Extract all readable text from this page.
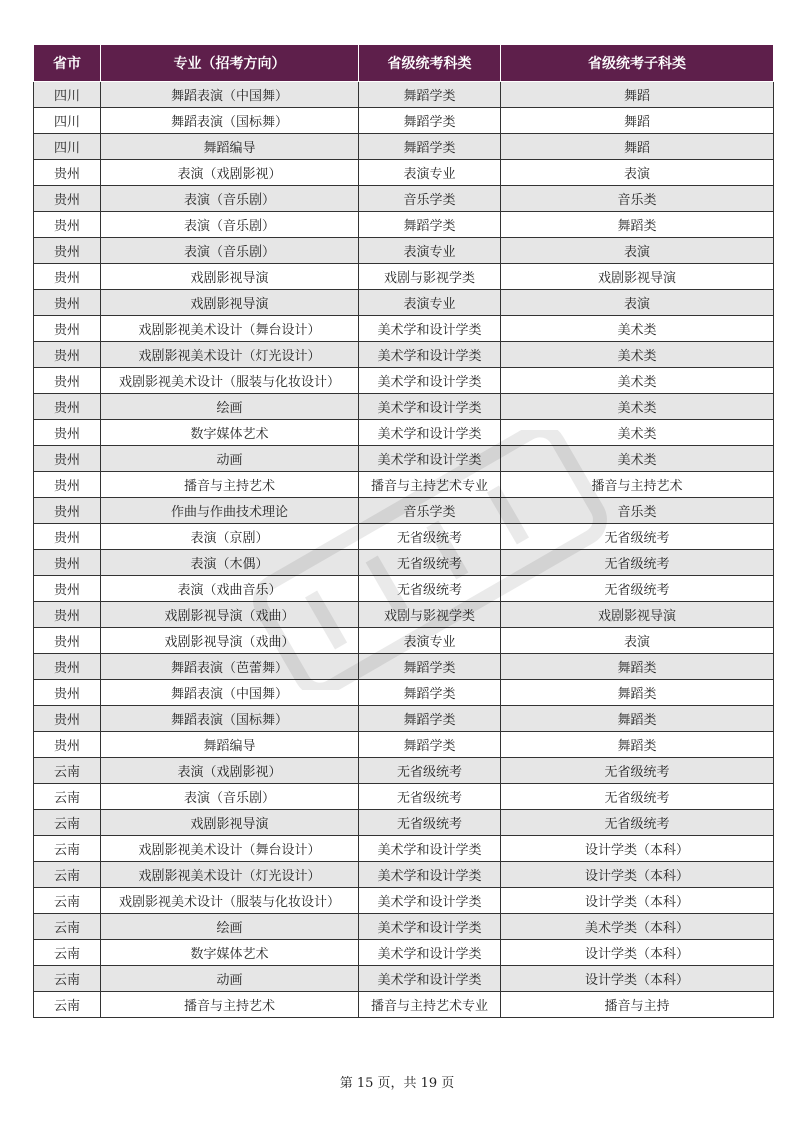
省市	专业（招考方向）	省级统考科类	省级统考子科类
四川	舞蹈表演（中国舞）	舞蹈学类	舞蹈
四川	舞蹈表演（国标舞）	舞蹈学类	舞蹈
四川	舞蹈编导	舞蹈学类	舞蹈
贵州	表演（戏剧影视）	表演专业	表演
贵州	表演（音乐剧）	音乐学类	音乐类
贵州	表演（音乐剧）	舞蹈学类	舞蹈类
贵州	表演（音乐剧）	表演专业	表演
贵州	戏剧影视导演	戏剧与影视学类	戏剧影视导演
贵州	戏剧影视导演	表演专业	表演
贵州	戏剧影视美术设计（舞台设计）	美术学和设计学类	美术类
贵州	戏剧影视美术设计（灯光设计）	美术学和设计学类	美术类
贵州	戏剧影视美术设计（服装与化妆设计）	美术学和设计学类	美术类
贵州	绘画	美术学和设计学类	美术类
贵州	数字媒体艺术	美术学和设计学类	美术类
贵州	动画	美术学和设计学类	美术类
贵州	播音与主持艺术	播音与主持艺术专业	播音与主持艺术
贵州	作曲与作曲技术理论	音乐学类	音乐类
贵州	表演（京剧）	无省级统考	无省级统考
贵州	表演（木偶）	无省级统考	无省级统考
贵州	表演（戏曲音乐）	无省级统考	无省级统考
贵州	戏剧影视导演（戏曲）	戏剧与影视学类	戏剧影视导演
贵州	戏剧影视导演（戏曲）	表演专业	表演
贵州	舞蹈表演（芭蕾舞）	舞蹈学类	舞蹈类
贵州	舞蹈表演（中国舞）	舞蹈学类	舞蹈类
贵州	舞蹈表演（国标舞）	舞蹈学类	舞蹈类
贵州	舞蹈编导	舞蹈学类	舞蹈类
云南	表演（戏剧影视）	无省级统考	无省级统考
云南	表演（音乐剧）	无省级统考	无省级统考
云南	戏剧影视导演	无省级统考	无省级统考
云南	戏剧影视美术设计（舞台设计）	美术学和设计学类	设计学类（本科）
云南	戏剧影视美术设计（灯光设计）	美术学和设计学类	设计学类（本科）
云南	戏剧影视美术设计（服装与化妆设计）	美术学和设计学类	设计学类（本科）
云南	绘画	美术学和设计学类	美术学类（本科）
云南	数字媒体艺术	美术学和设计学类	设计学类（本科）
云南	动画	美术学和设计学类	设计学类（本科）
云南	播音与主持艺术	播音与主持艺术专业	播音与主持
第 15 页，共 19 页
